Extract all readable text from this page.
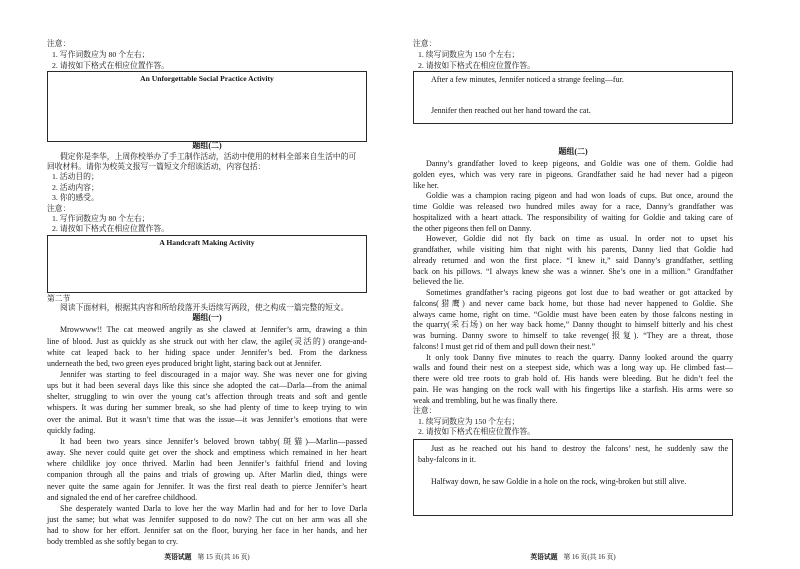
注意：
1. 写作词数应为 80 个左右；
2. 请按如下格式在相应位置作答。
An Unforgettable Social Practice Activity
题组(二)
假定你是李华，上周你校举办了手工制作活动，活动中使用的材料全部来自生活中的可
回收材料。请你为校英文报写一篇短文介绍该活动，内容包括：
1. 活动目的；
2. 活动内容；
3. 你的感受。
注意：
1. 写作词数应为 80 个左右；
2. 请按如下格式在相应位置作答。
A Handcraft Making Activity
第二节
阅读下面材料，根据其内容和所给段落开头语续写两段，使之构成一篇完整的短文。
题组(一)
Mrowwww!! The cat meowed angrily as she clawed at Jennifer’s arm, drawing a thin
line of blood. Just as quickly as she struck out with her claw, the agile(灵活的) orange-and-
white cat leaped back to her hiding space under Jennifer’s bed. From the darkness
underneath the bed, two green eyes produced bright light, staring back out at Jennifer.
Jennifer was starting to feel discouraged in a major way. She was never one for giving
ups but it had been several days like this since she adopted the cat—Darla—from the animal
shelter, struggling to win over the young cat’s affection through treats and soft and gentle
whispers. It was during her summer break, so she had plenty of time to keep trying to win
over the animal. But it wasn’t time that was the issue—it was Jennifer’s emotions that were
quickly fading.
It had been two years since Jennifer’s beloved brown tabby(斑猫)—Marlin—passed
away. She never could quite get over the shock and emptiness which remained in her heart
where childlike joy once thrived. Marlin had been Jennifer’s faithful friend and loving
companion through all the pains and trials of growing up. After Marlin died, things were
never quite the same again for Jennifer. It was the first real death to pierce Jennifer’s heart
and signaled the end of her carefree childhood.
She desperately wanted Darla to love her the way Marlin had and for her to love Darla
just the same; but what was Jennifer supposed to do now? The cut on her arm was all she
had to show for her effort. Jennifer sat on the floor, burying her face in her hands, and her
body trembled as she softly began to cry.
英语试题 第 15 页(共 16 页)
注意：
1. 续写词数应为 150 个左右；
2. 请按如下格式在相应位置作答。
After a few minutes, Jennifer noticed a strange feeling—fur.
Jennifer then reached out her hand toward the cat.
题组(二)
Danny’s grandfather loved to keep pigeons, and Goldie was one of them. Goldie had
golden eyes, which was very rare in pigeons. Grandfather said he had never had a pigeon
like her.
Goldie was a champion racing pigeon and had won loads of cups. But once, around the
time Goldie was released two hundred miles away for a race, Danny’s grandfather was
hospitalized with a heart attack. The responsibility of waiting for Goldie and taking care of
the other pigeons then fell on Danny.
However, Goldie did not fly back on time as usual. In order not to upset his
grandfather, while visiting him that night with his parents, Danny lied that Goldie had
already returned and won the first place. “I knew it,” said Danny’s grandfather, settling
back on his pillows. “I always knew she was a winner. She’s one in a million.” Grandfather
believed the lie.
Sometimes grandfather’s racing pigeons got lost due to bad weather or got attacked by
falcons(猎鹰) and never came back home, but those had never happened to Goldie. She
always came home, right on time. “Goldie must have been eaten by those falcons nesting in
the quarry(采石场) on her way back home,” Danny thought to himself bitterly and his chest
was burning. Danny swore to himself to take revenge(报复). “They are a threat, those
falcons! I must get rid of them and pull down their nest.”
It only took Danny five minutes to reach the quarry. Danny looked around the quarry
walls and found their nest on a steepest side, which was a long way up. He climbed fast—
there were old tree roots to grab hold of. His hands were bleeding. But he didn’t feel the
pain. He was hanging on the rock wall with his fingertips like a starfish. His arms were so
weak and trembling, but he was finally there.
注意：
1. 续写词数应为 150 个左右；
2. 请按如下格式在相应位置作答。
Just as he reached out his hand to destroy the falcons’ nest, he suddenly saw the
baby-falcons in it.
Halfway down, he saw Goldie in a hole on the rock, wing-broken but still alive.
英语试题 第 16 页(共 16 页)
